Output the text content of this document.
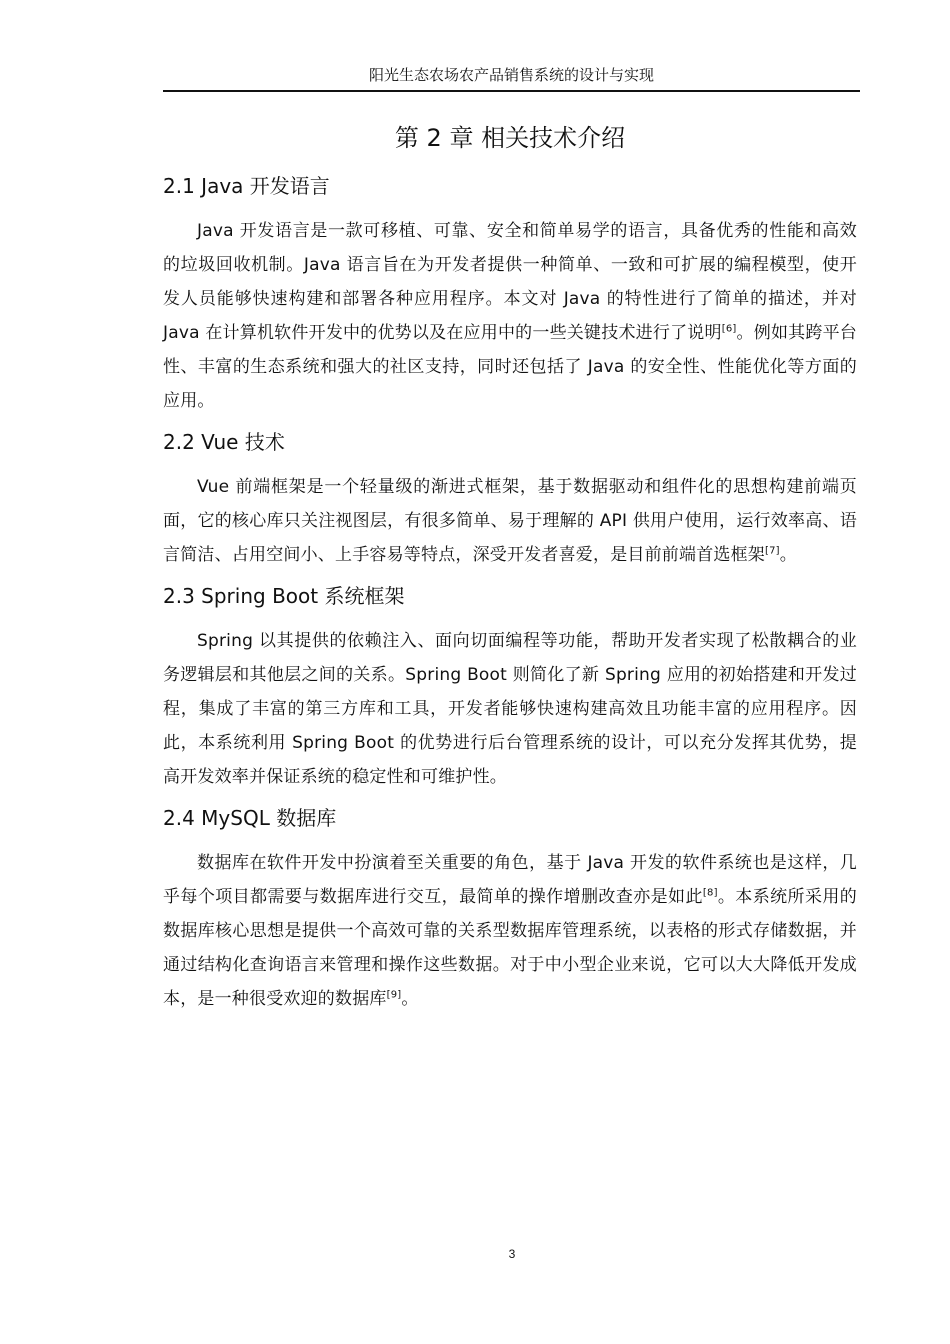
阳光生态农场农产品销售系统的设计与实现
第 2 章 相关技术介绍
2.1 Java 开发语言

Java 开发语言是一款可移植、可靠、安全和简单易学的语言，具备优秀的性能和高效的垃圾回收机制。Java 语言旨在为开发者提供一种简单、一致和可扩展的编程模型，使开发人员能够快速构建和部署各种应用程序。本文对 Java 的特性进行了简单的描述，并对 Java 在计算机软件开发中的优势以及在应用中的一些关键技术进行了说明[6]。例如其跨平台性、丰富的生态系统和强大的社区支持，同时还包括了 Java 的安全性、性能优化等方面的应用。

2.2 Vue 技术

Vue 前端框架是一个轻量级的渐进式框架，基于数据驱动和组件化的思想构建前端页面，它的核心库只关注视图层，有很多简单、易于理解的 API 供用户使用，运行效率高、语言简洁、占用空间小、上手容易等特点，深受开发者喜爱，是目前前端首选框架[7]。

2.3 Spring Boot 系统框架

Spring 以其提供的依赖注入、面向切面编程等功能，帮助开发者实现了松散耦合的业务逻辑层和其他层之间的关系。Spring Boot 则简化了新 Spring 应用的初始搭建和开发过程，集成了丰富的第三方库和工具，开发者能够快速构建高效且功能丰富的应用程序。因此，本系统利用 Spring Boot 的优势进行后台管理系统的设计，可以充分发挥其优势，提高开发效率并保证系统的稳定性和可维护性。

2.4 MySQL 数据库

数据库在软件开发中扮演着至关重要的角色，基于 Java 开发的软件系统也是这样，几乎每个项目都需要与数据库进行交互，最简单的操作增删改查亦是如此[8]。本系统所采用的数据库核心思想是提供一个高效可靠的关系型数据库管理系统，以表格的形式存储数据，并通过结构化查询语言来管理和操作这些数据。对于中小型企业来说，它可以大大降低开发成本，是一种很受欢迎的数据库[9]。

3
